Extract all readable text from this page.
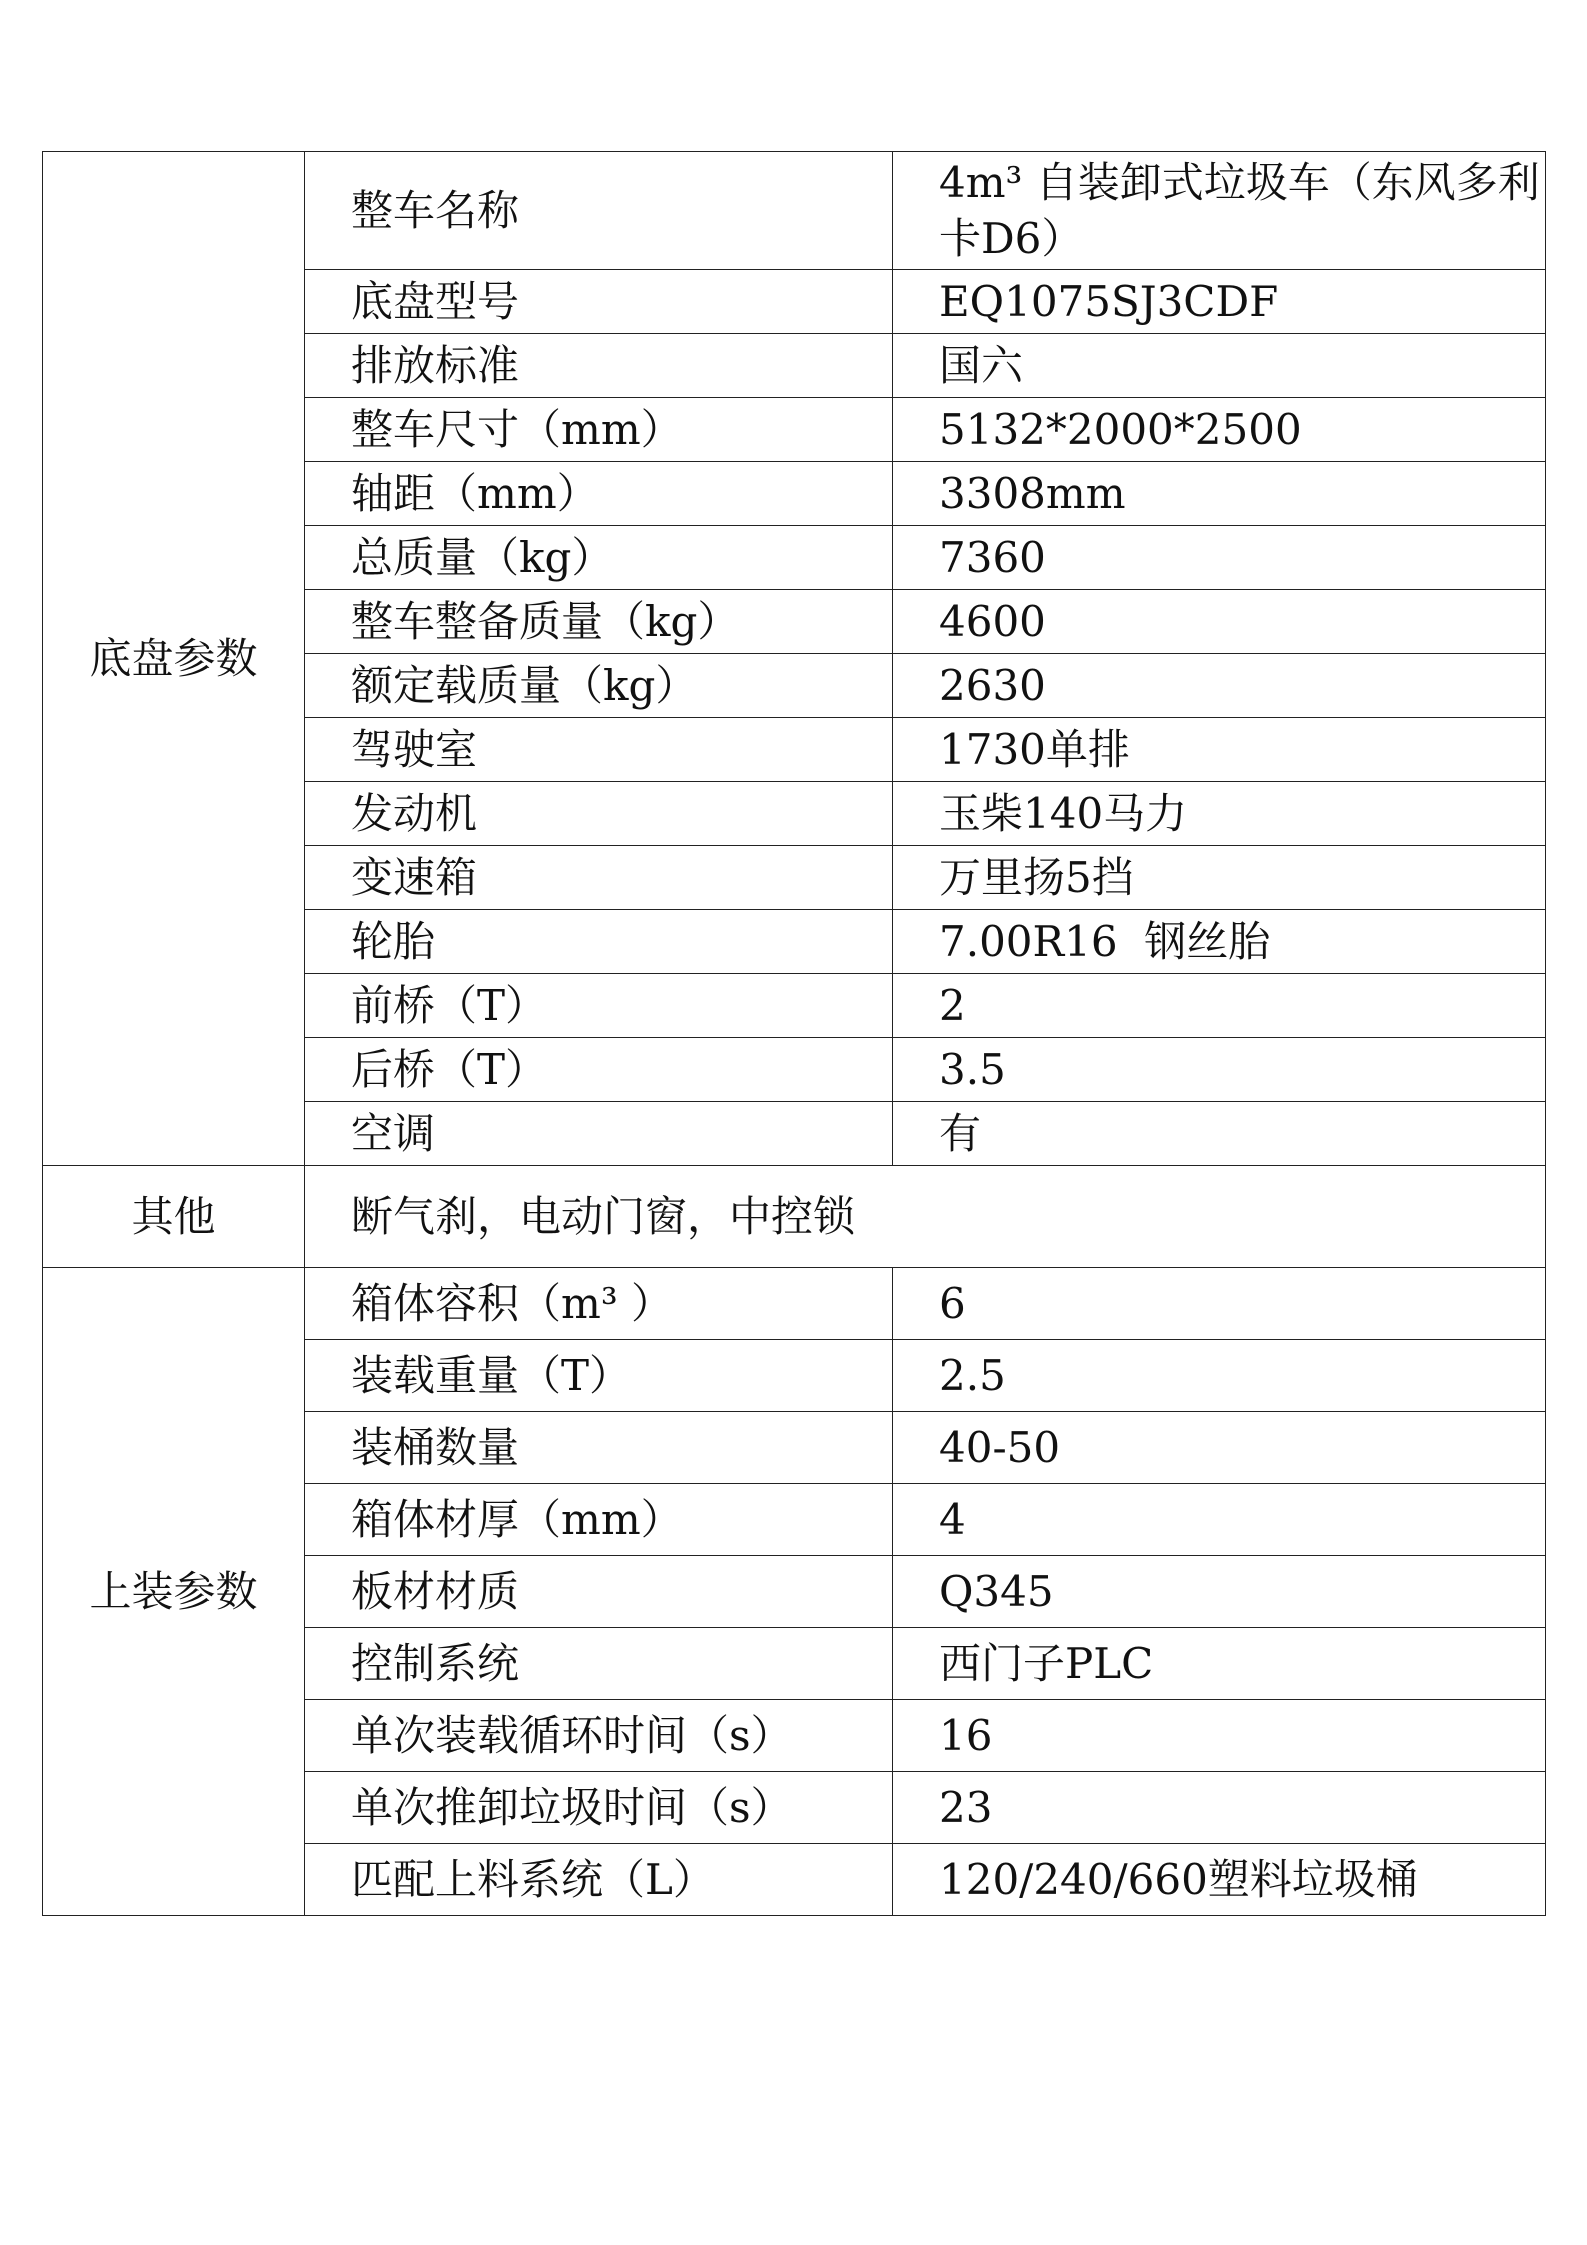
底盘参数	整车名称	4m³ 自装卸式垃圾车（东风多利卡D6）
	底盘型号	EQ1075SJ3CDF
	排放标准	国六
	整车尺寸（mm）	5132*2000*2500
	轴距（mm）	3308mm
	总质量（kg）	7360
	整车整备质量（kg）	4600
	额定载质量（kg）	2630
	驾驶室	1730单排
	发动机	玉柴140马力
	变速箱	万里扬5挡
	轮胎	7.00R16  钢丝胎
	前桥（T）	2
	后桥（T）	3.5
	空调	有
其他	断气刹，电动门窗，中控锁	
上装参数	箱体容积（m³ ）	6
	装载重量（T）	2.5
	装桶数量	40-50
	箱体材厚（mm）	4
	板材材质	Q345
	控制系统	西门子PLC
	单次装载循环时间（s）	16
	单次推卸垃圾时间（s）	23
	匹配上料系统（L）	120/240/660塑料垃圾桶
